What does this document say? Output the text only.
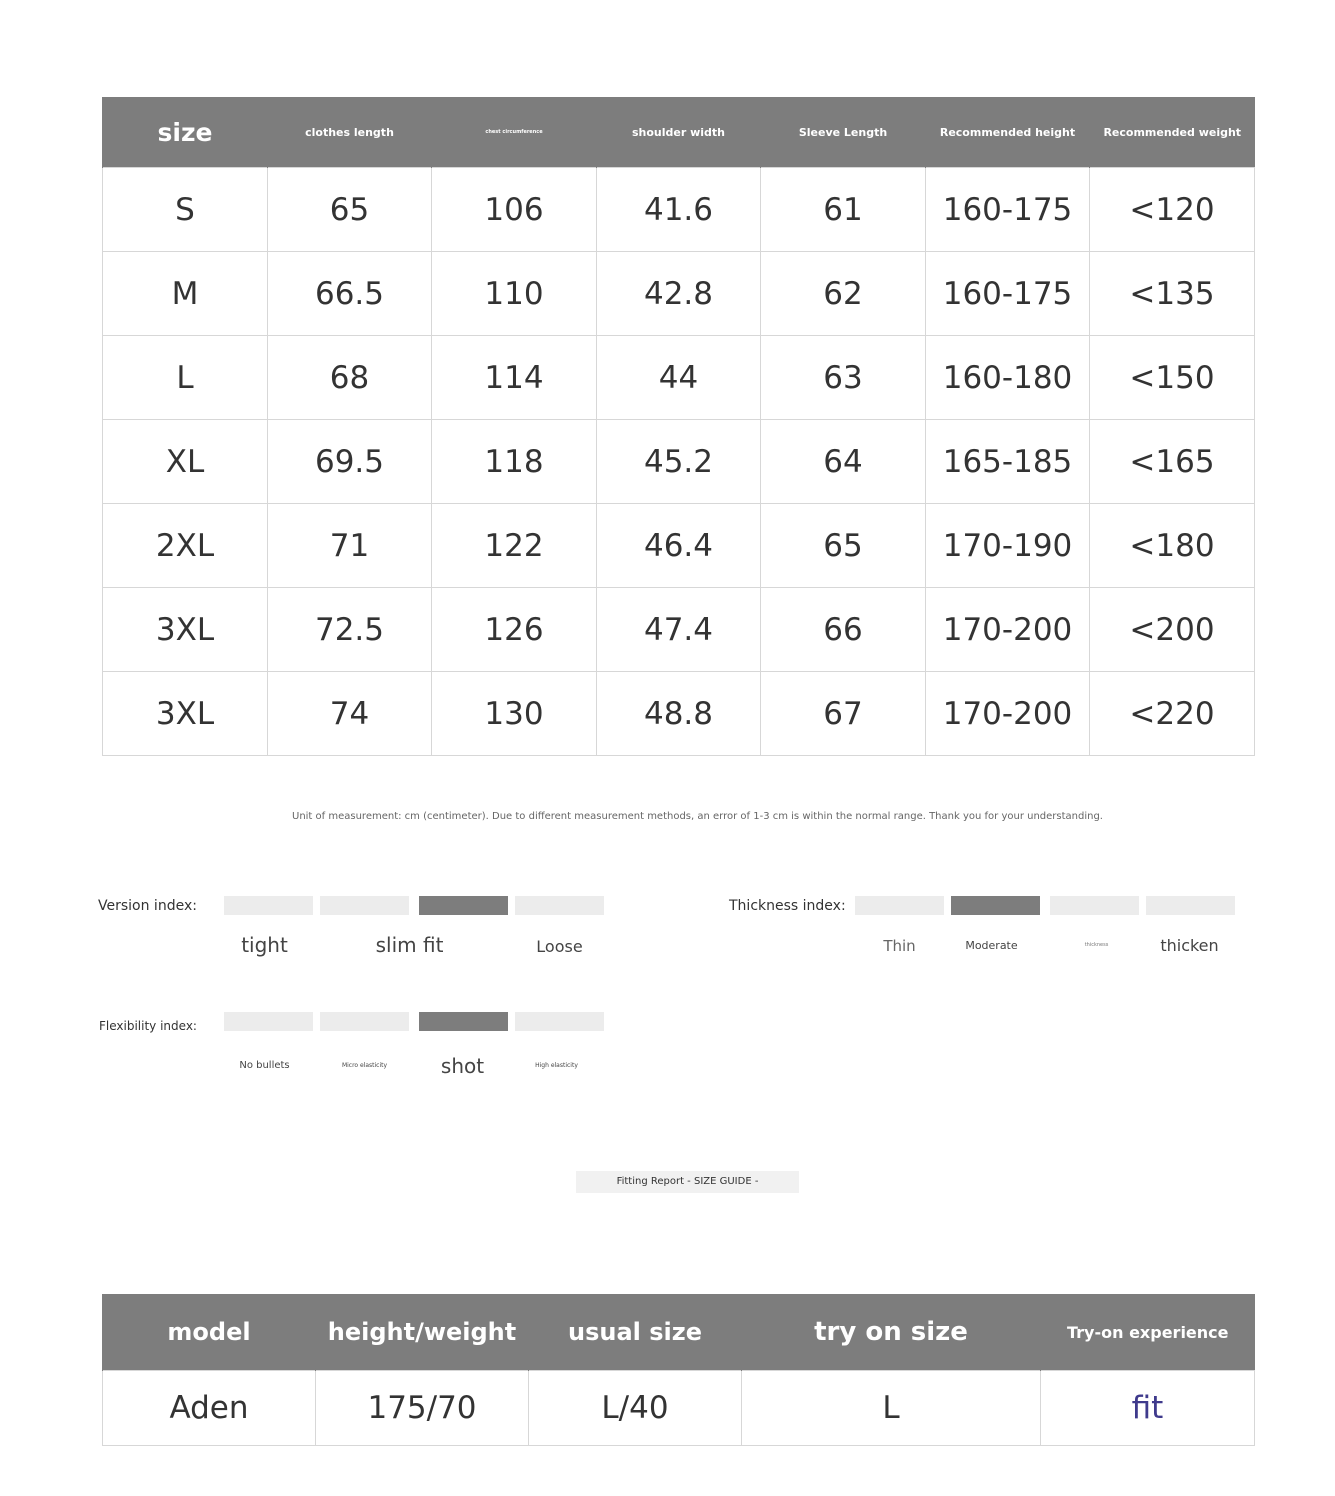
size	clothes length	chest circumference	shoulder width	Sleeve Length	Recommended height	Recommended weight
S	65	106	41.6	61	160-175	<120
M	66.5	110	42.8	62	160-175	<135
L	68	114	44	63	160-180	<150
XL	69.5	118	45.2	64	165-185	<165
2XL	71	122	46.4	65	170-190	<180
3XL	72.5	126	47.4	66	170-200	<200
3XL	74	130	48.8	67	170-200	<220
Unit of measurement: cm (centimeter). Due to different measurement methods, an error of 1-3 cm is within the normal range. Thank you for your understanding.
Version index:
tight	slim fit	Loose
Thickness index:
Thin	Moderate	thickness	thicken
Flexibility index:
No bullets	Micro elasticity	shot	High elasticity
Fitting Report - SIZE GUIDE -
model	height/weight	usual size	try on size	Try-on experience
Aden	175/70	L/40	L	fit
